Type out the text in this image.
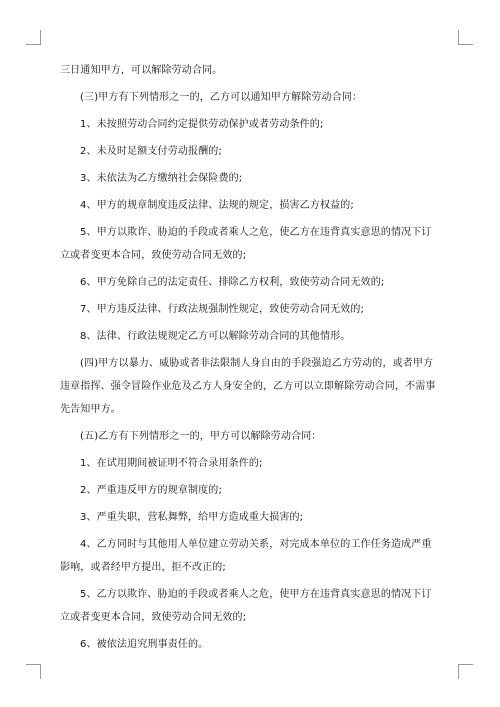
三日通知甲方，可以解除劳动合同。
(三)甲方有下列情形之一的，乙方可以通知甲方解除劳动合同：
1、未按照劳动合同约定提供劳动保护或者劳动条件的;
2、未及时足额支付劳动报酬的;
3、未依法为乙方缴纳社会保险费的;
4、甲方的规章制度违反法律、法规的规定，损害乙方权益的;
5、甲方以欺诈、胁迫的手段或者乘人之危，使乙方在违背真实意思的情况下订
立或者变更本合同，致使劳动合同无效的;
6、甲方免除自己的法定责任、排除乙方权利，致使劳动合同无效的;
7、甲方违反法律、行政法规强制性规定，致使劳动合同无效的;
8、法律、行政法规规定乙方可以解除劳动合同的其他情形。
(四)甲方以暴力、威胁或者非法限制人身自由的手段强迫乙方劳动的，或者甲方
违章指挥、强令冒险作业危及乙方人身安全的，乙方可以立即解除劳动合同，不需事
先告知甲方。
(五)乙方有下列情形之一的，甲方可以解除劳动合同：
1、在试用期间被证明不符合录用条件的;
2、严重违反甲方的规章制度的;
3、严重失职，营私舞弊，给甲方造成重大损害的;
4、乙方同时与其他用人单位建立劳动关系，对完成本单位的工作任务造成严重
影响，或者经甲方提出，拒不改正的;
5、乙方以欺诈、胁迫的手段或者乘人之危，使甲方在违背真实意思的情况下订
立或者变更本合同，致使劳动合同无效的;
6、被依法追究刑事责任的。
